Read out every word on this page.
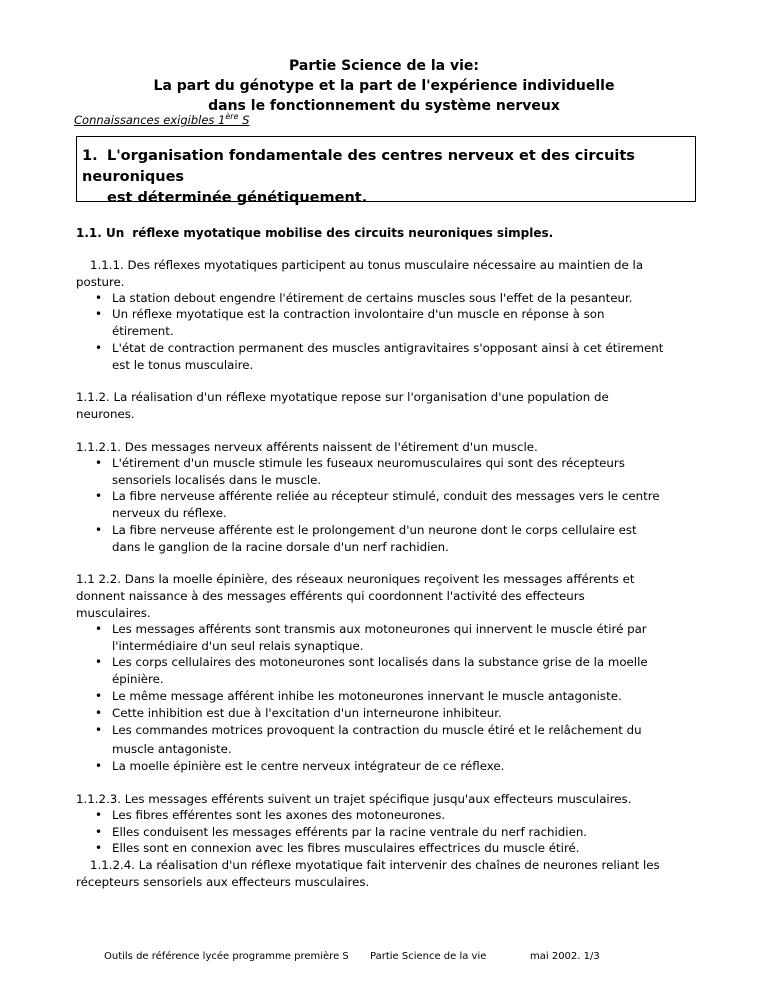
Partie Science de la vie:
La part du génotype et la part de l'expérience individuelle
dans le fonctionnement du système nerveux
Connaissances exigibles 1ère S
1. L'organisation fondamentale des centres nerveux et des circuits neuroniques
est déterminée génétiquement.
1.1. Un réflexe myotatique mobilise des circuits neuroniques simples.
1.1.1. Des réflexes myotatiques participent au tonus musculaire nécessaire au maintien de la
posture.
• La station debout engendre l'étirement de certains muscles sous l'effet de la pesanteur.
• Un réflexe myotatique est la contraction involontaire d'un muscle en réponse à son
étirement.
• L'état de contraction permanent des muscles antigravitaires s'opposant ainsi à cet étirement
est le tonus musculaire.
1.1.2. La réalisation d'un réflexe myotatique repose sur l'organisation d'une population de
neurones.
1.1.2.1. Des messages nerveux afférents naissent de l'étirement d'un muscle.
• L'étirement d'un muscle stimule les fuseaux neuromusculaires qui sont des récepteurs
sensoriels localisés dans le muscle.
• La fibre nerveuse afférente reliée au récepteur stimulé, conduit des messages vers le centre
nerveux du réflexe.
• La fibre nerveuse afférente est le prolongement d'un neurone dont le corps cellulaire est
dans le ganglion de la racine dorsale d'un nerf rachidien.
1.1 2.2. Dans la moelle épinière, des réseaux neuroniques reçoivent les messages afférents et
donnent naissance à des messages efférents qui coordonnent l'activité des effecteurs
musculaires.
• Les messages afférents sont transmis aux motoneurones qui innervent le muscle étiré par
l'intermédiaire d'un seul relais synaptique.
• Les corps cellulaires des motoneurones sont localisés dans la substance grise de la moelle
épinière.
• Le même message afférent inhibe les motoneurones innervant le muscle antagoniste.
• Cette inhibition est due à l'excitation d'un interneurone inhibiteur.
• Les commandes motrices provoquent la contraction du muscle étiré et le relâchement du
muscle antagoniste.
• La moelle épinière est le centre nerveux intégrateur de ce réflexe.
1.1.2.3. Les messages efférents suivent un trajet spécifique jusqu'aux effecteurs musculaires.
• Les fibres efférentes sont les axones des motoneurones.
• Elles conduisent les messages efférents par la racine ventrale du nerf rachidien.
• Elles sont en connexion avec les fibres musculaires effectrices du muscle étiré.
1.1.2.4. La réalisation d'un réflexe myotatique fait intervenir des chaînes de neurones reliant les
récepteurs sensoriels aux effecteurs musculaires.
Outils de référence lycée programme première S Partie Science de la vie	mai 2002. 1/3
